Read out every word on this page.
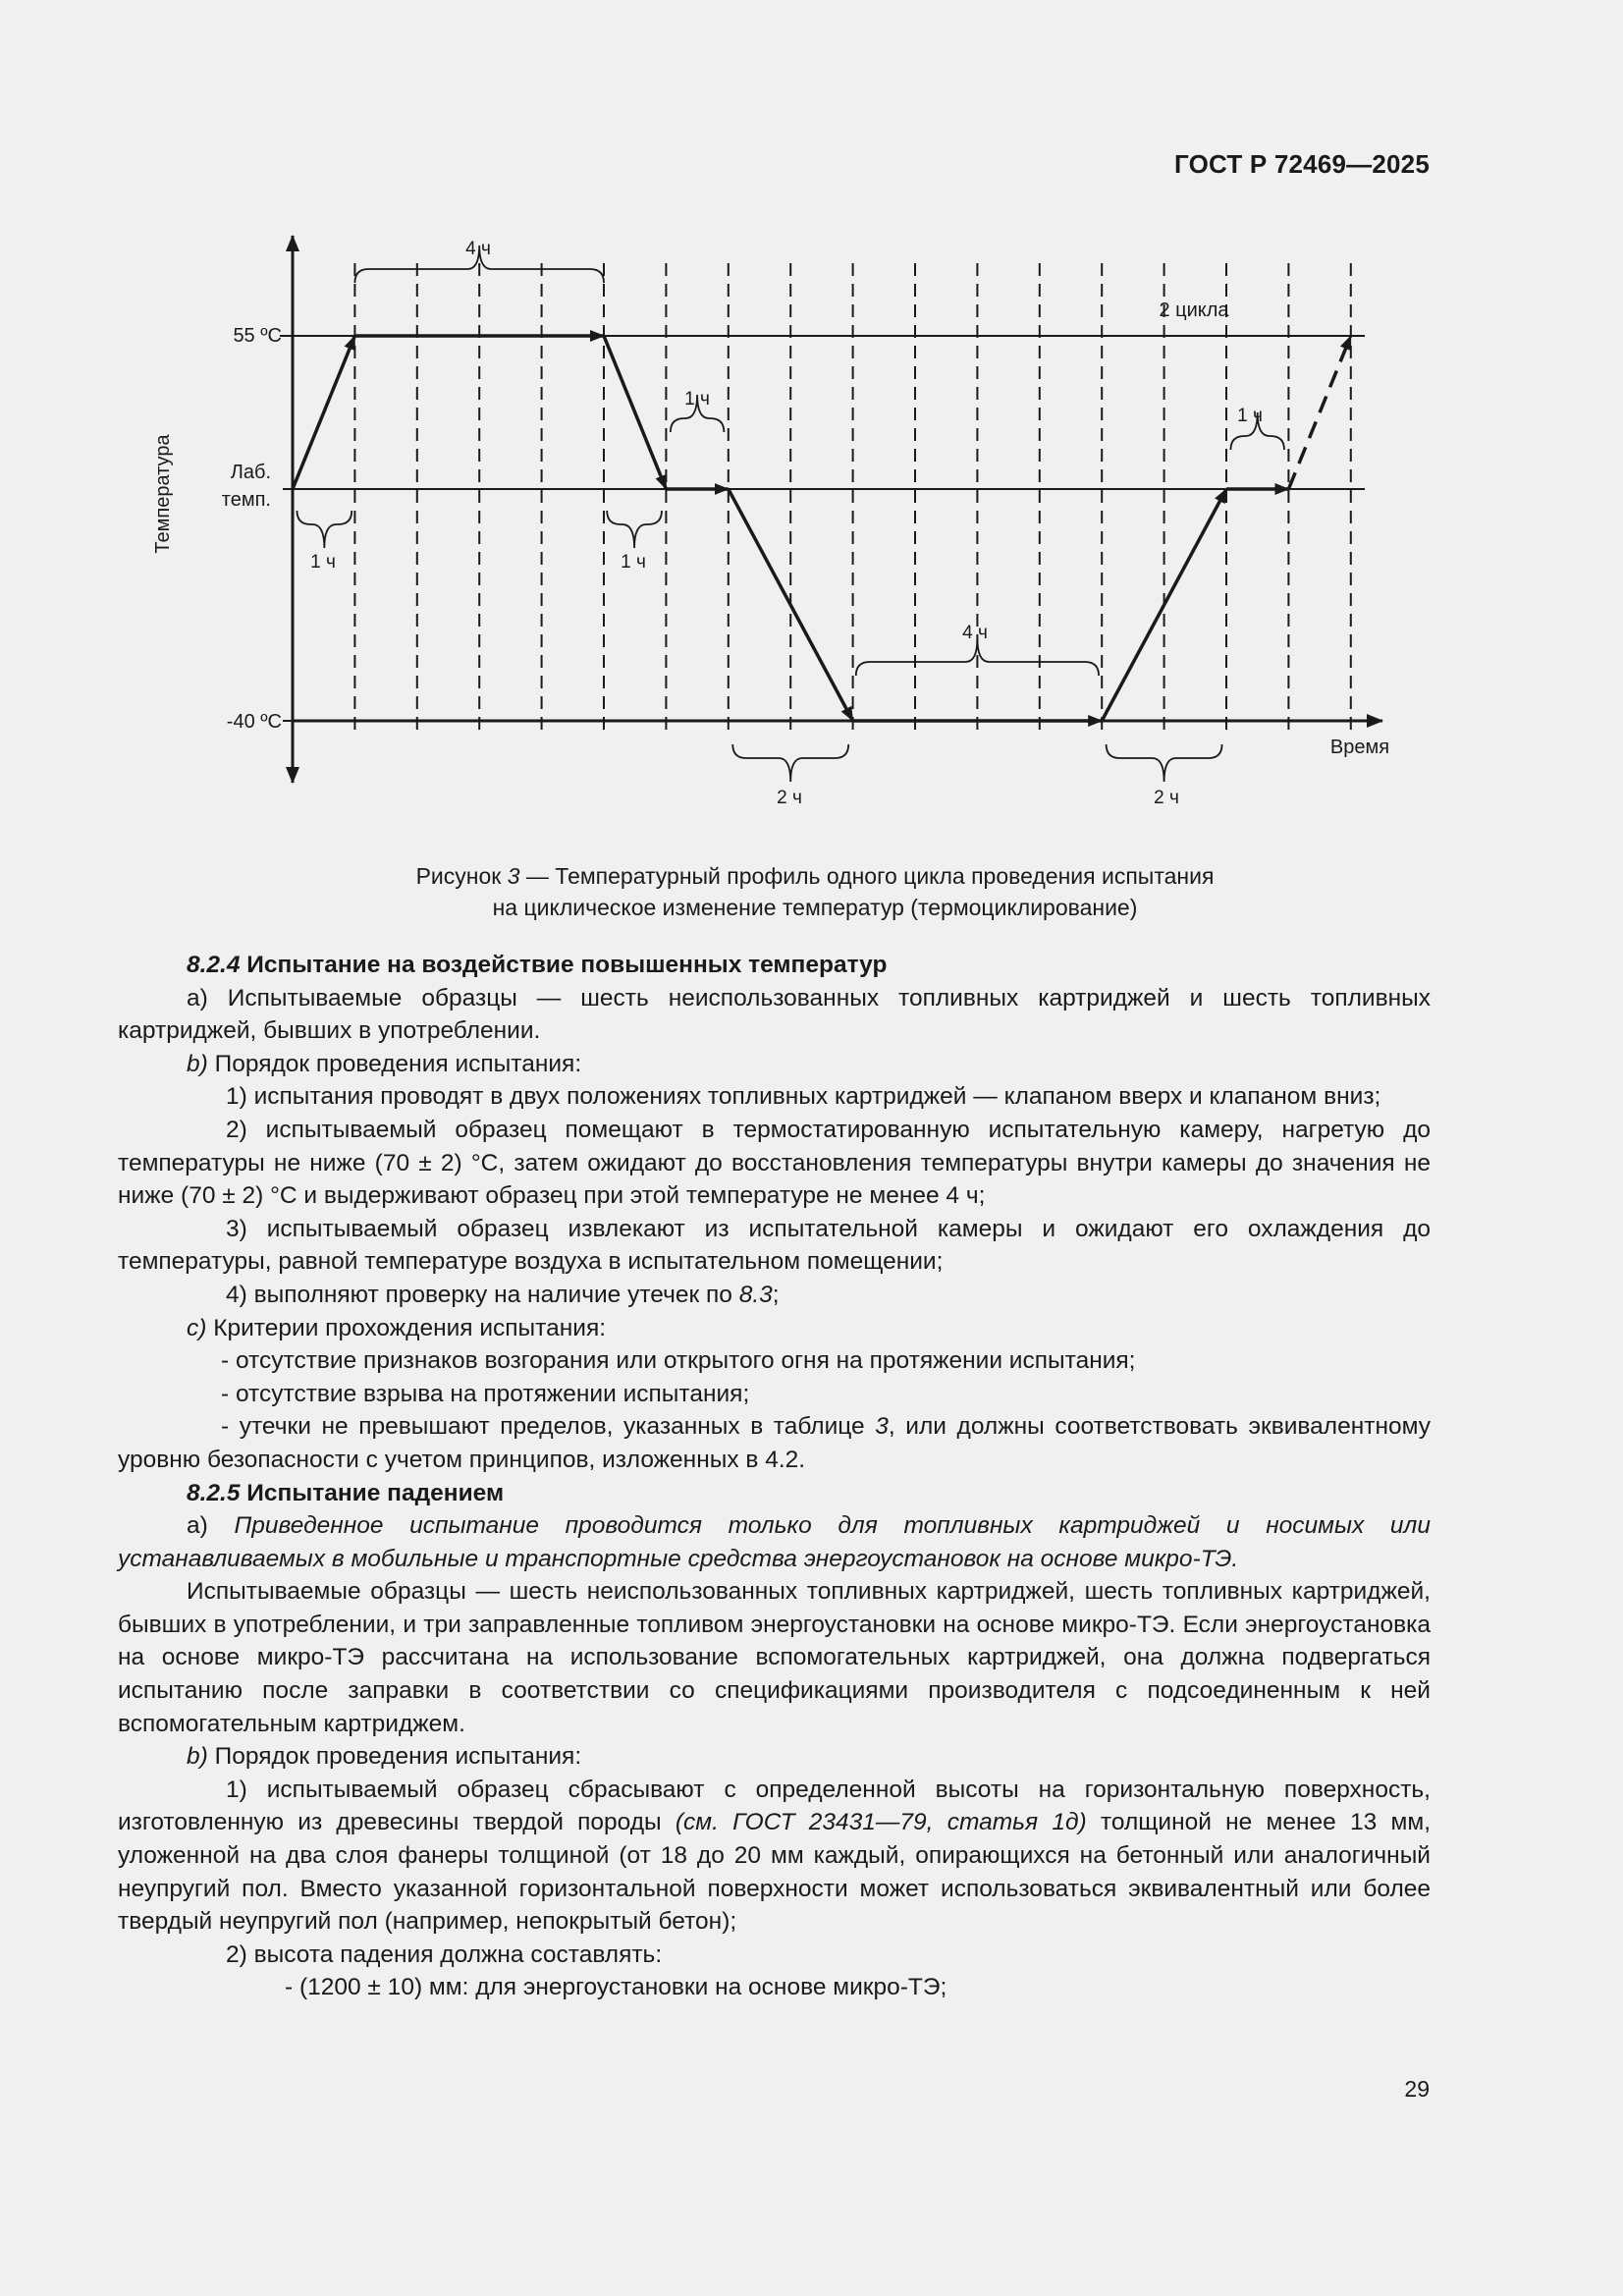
ГОСТ Р 72469—2025
Температура
Время
55 ºC
Лаб.
темп.
-40 ºC
2 цикла
4 ч
1 ч	1 ч
1 ч
4 ч
2 ч	2 ч
1 ч
Рисунок 3 — Температурный профиль одного цикла проведения испытания
на циклическое изменение температур (термоциклирование)
8.2.4 Испытание на воздействие повышенных температур
а) Испытываемые образцы — шесть неиспользованных топливных картриджей и шесть топливных картриджей, бывших в употреблении.
b) Порядок проведения испытания:
1) испытания проводят в двух положениях топливных картриджей — клапаном вверх и клапаном вниз;
2) испытываемый образец помещают в термостатированную испытательную камеру, нагретую до температуры не ниже (70 ± 2) °C, затем ожидают до восстановления температуры внутри камеры до значения не ниже (70 ± 2) °C и выдерживают образец при этой температуре не менее 4 ч;
3) испытываемый образец извлекают из испытательной камеры и ожидают его охлаждения до температуры, равной температуре воздуха в испытательном помещении;
4) выполняют проверку на наличие утечек по 8.3;
с) Критерии прохождения испытания:
- отсутствие признаков возгорания или открытого огня на протяжении испытания;
- отсутствие взрыва на протяжении испытания;
- утечки не превышают пределов, указанных в таблице 3, или должны соответствовать эквивалентному уровню безопасности с учетом принципов, изложенных в 4.2.
8.2.5 Испытание падением
а) Приведенное испытание проводится только для топливных картриджей и носимых или устанавливаемых в мобильные и транспортные средства энергоустановок на основе микро-ТЭ.
Испытываемые образцы — шесть неиспользованных топливных картриджей, шесть топливных картриджей, бывших в употреблении, и три заправленные топливом энергоустановки на основе микро-ТЭ. Если энергоустановка на основе микро-ТЭ рассчитана на использование вспомогательных картриджей, она должна подвергаться испытанию после заправки в соответствии со спецификациями производителя с подсоединенным к ней вспомогательным картриджем.
b) Порядок проведения испытания:
1) испытываемый образец сбрасывают с определенной высоты на горизонтальную поверхность, изготовленную из древесины твердой породы (см. ГОСТ 23431—79, статья 1д) толщиной не менее 13 мм, уложенной на два слоя фанеры толщиной (от 18 до 20 мм каждый, опирающихся на бетонный или аналогичный неупругий пол. Вместо указанной горизонтальной поверхности может использоваться эквивалентный или более твердый неупругий пол (например, непокрытый бетон);
2) высота падения должна составлять:
- (1200 ± 10) мм: для энергоустановки на основе микро-ТЭ;
29
